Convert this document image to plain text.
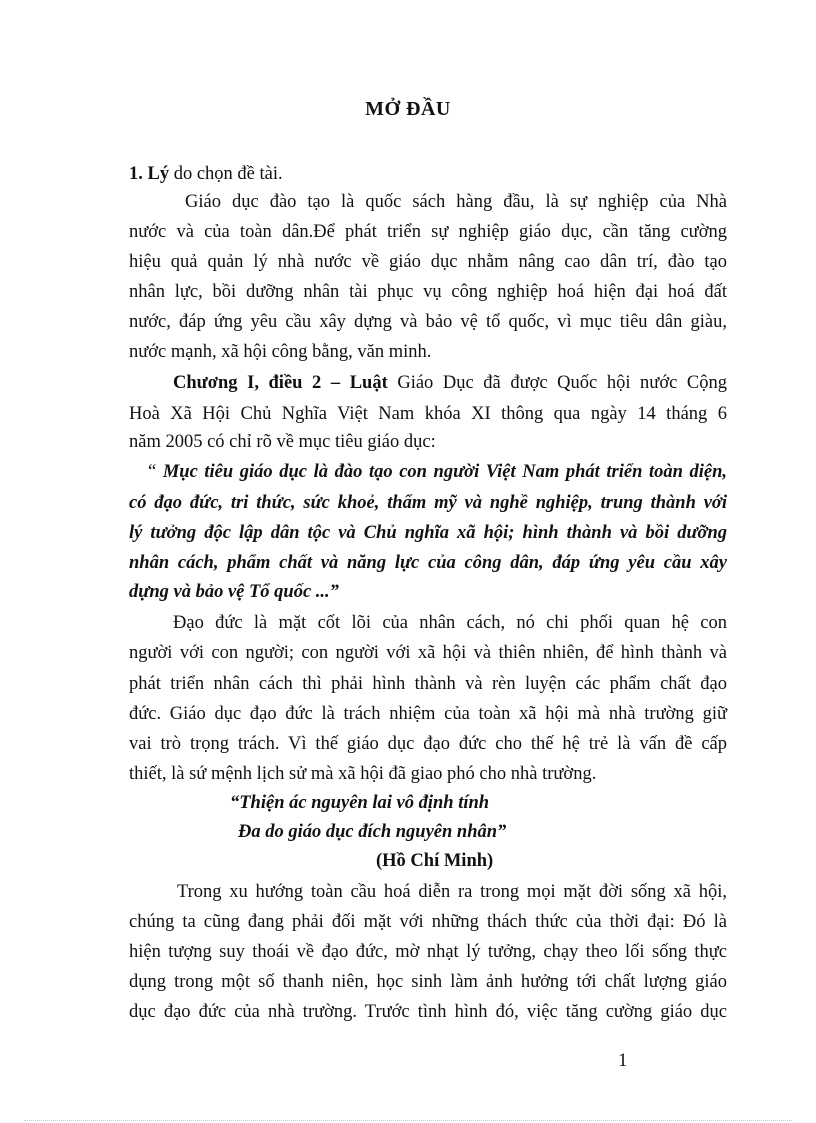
MỞ ĐẦU
1. Lý do chọn đề tài.
Giáo dục đào tạo là quốc sách hàng đầu, là sự nghiệp của Nhà
nước và của toàn dân.Để phát triển sự nghiệp giáo dục, cần tăng cường
hiệu quả quản lý nhà nước về giáo dục nhằm nâng cao dân trí, đào tạo
nhân lực, bồi dưỡng nhân tài phục vụ công nghiệp hoá hiện đại hoá đất
nước, đáp ứng yêu cầu xây dựng và bảo vệ tổ quốc, vì mục tiêu dân giàu,
nước mạnh, xã hội công bằng, văn minh.
Chương I, điều 2 – Luật Giáo Dục đã được Quốc hội nước Cộng
Hoà Xã Hội Chủ Nghĩa Việt Nam khóa XI thông qua ngày 14 tháng 6
năm 2005 có chỉ rõ về mục tiêu giáo dục:
“ Mục tiêu giáo dục là đào tạo con người Việt Nam phát triển toàn diện,
có đạo đức, tri thức, sức khoẻ, thẩm mỹ và nghề nghiệp, trung thành với
lý tưởng độc lập dân tộc và Chủ nghĩa xã hội; hình thành và bồi dưỡng
nhân cách, phẩm chất và năng lực của công dân, đáp ứng yêu cầu xây
dựng và bảo vệ Tổ quốc ...”
Đạo đức là mặt cốt lõi của nhân cách, nó chi phối quan hệ con
người với con người; con người với xã hội và thiên nhiên, để hình thành và
phát triển nhân cách thì phải hình thành và rèn luyện các phẩm chất đạo
đức. Giáo dục đạo đức là trách nhiệm của toàn xã hội mà nhà trường giữ
vai trò trọng trách. Vì thế giáo dục đạo đức cho thế hệ trẻ là vấn đề cấp
thiết, là sứ mệnh lịch sử mà xã hội đã giao phó cho nhà trường.
“Thiện ác nguyên lai vô định tính
Đa do giáo dục đích nguyên nhân”
(Hồ Chí Minh)
Trong xu hướng toàn cầu hoá diễn ra trong mọi mặt đời sống xã hội,
chúng ta cũng đang phải đối mặt với những thách thức của thời đại: Đó là
hiện tượng suy thoái về đạo đức, mờ nhạt lý tưởng, chạy theo lối sống thực
dụng trong một số thanh niên, học sinh làm ảnh hưởng tới chất lượng giáo
dục đạo đức của nhà trường. Trước tình hình đó, việc tăng cường giáo dục
1
